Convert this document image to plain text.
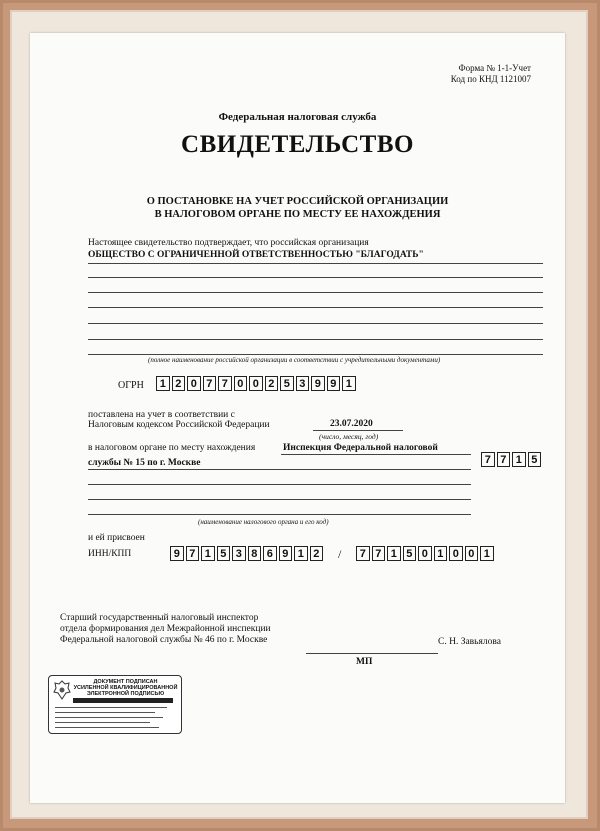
Форма № 1-1-Учет
Код по КНД 1121007
Федеральная налоговая служба
СВИДЕТЕЛЬСТВО
О ПОСТАНОВКЕ НА УЧЕТ РОССИЙСКОЙ ОРГАНИЗАЦИИ
В НАЛОГОВОМ ОРГАНЕ ПО МЕСТУ ЕЕ НАХОЖДЕНИЯ
Настоящее свидетельство подтверждает, что российская организация
ОБЩЕСТВО С ОГРАНИЧЕННОЙ ОТВЕТСТВЕННОСТЬЮ "БЛАГОДАТЬ"
(полное наименование российской организации в соответствии с учредительными документами)
ОГРН	1 2 0 7 7 0 0 2 5 3 9 9 1
поставлена на учет в соответствии с
Налоговым кодексом Российской Федерации	23.07.2020
(число, месяц, год)
в налоговом органе по месту нахождения	Инспекция Федеральной налоговой
службы № 15 по г. Москве	7 7 1 5
(наименование налогового органа и его код)
и ей присвоен
ИНН/КПП	9 7 1 5 3 8 6 9 1 2	/	7 7 1 5 0 1 0 0 1
Старший государственный налоговый инспектор
отдела формирования дел Межрайонной инспекции
Федеральной налоговой службы № 46 по г. Москве	С. Н. Завьялова
МП
ДОКУМЕНТ ПОДПИСАН
УСИЛЕННОЙ КВАЛИФИЦИРОВАННОЙ
ЭЛЕКТРОННОЙ ПОДПИСЬЮ
